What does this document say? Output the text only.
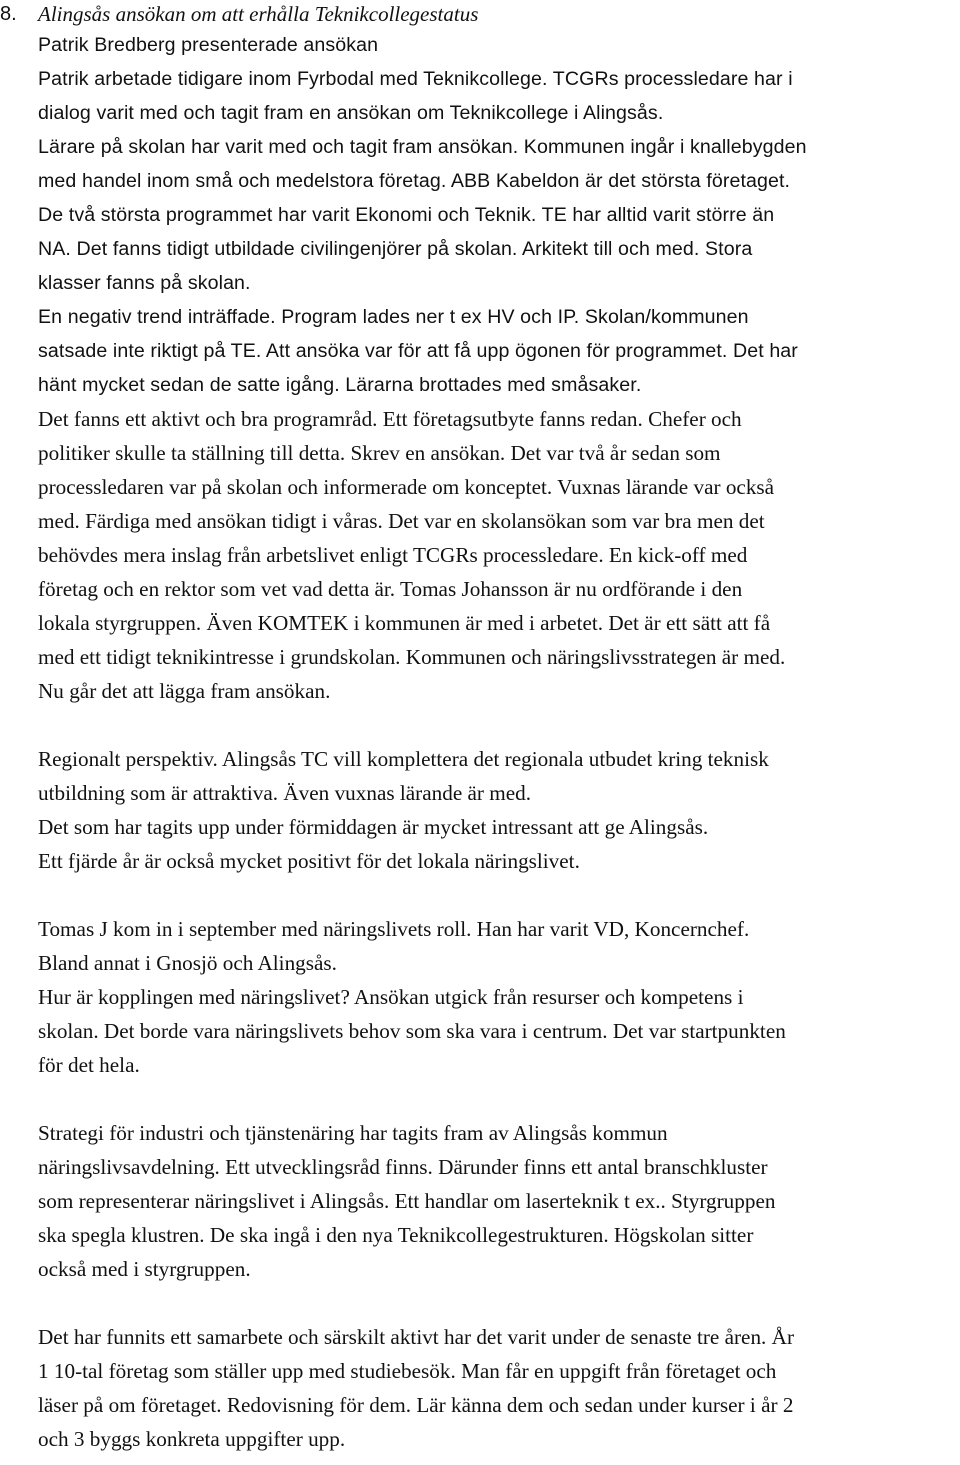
8. Alingsås ansökan om att erhålla Teknikcollegestatus
Patrik Bredberg presenterade ansökan
Patrik arbetade tidigare inom Fyrbodal med Teknikcollege. TCGRs processledare har i
dialog varit med och tagit fram en ansökan om Teknikcollege i Alingsås.
Lärare på skolan har varit med och tagit fram ansökan. Kommunen ingår i knallebygden
med handel inom små och medelstora företag. ABB Kabeldon är det största företaget.
De två största programmet har varit Ekonomi och Teknik. TE har alltid varit större än
NA. Det fanns tidigt utbildade civilingenjörer på skolan. Arkitekt till och med. Stora
klasser fanns på skolan.
En negativ trend inträffade. Program lades ner t ex HV och IP. Skolan/kommunen
satsade inte riktigt på TE. Att ansöka var för att få upp ögonen för programmet. Det har
hänt mycket sedan de satte igång. Lärarna brottades med småsaker.
Det fanns ett aktivt och bra programråd. Ett företagsutbyte fanns redan. Chefer och
politiker skulle ta ställning till detta. Skrev en ansökan. Det var två år sedan som
processledaren var på skolan och informerade om konceptet. Vuxnas lärande var också
med. Färdiga med ansökan tidigt i våras. Det var en skolansökan som var bra men det
behövdes mera inslag från arbetslivet enligt TCGRs processledare. En kick-off med
företag och en rektor som vet vad detta är. Tomas Johansson är nu ordförande i den
lokala styrgruppen. Även KOMTEK i kommunen är med i arbetet. Det är ett sätt att få
med ett tidigt teknikintresse i grundskolan. Kommunen och näringslivsstrategen är med.
Nu går det att lägga fram ansökan.
Regionalt perspektiv. Alingsås TC vill komplettera det regionala utbudet kring teknisk
utbildning som är attraktiva. Även vuxnas lärande är med.
Det som har tagits upp under förmiddagen är mycket intressant att ge Alingsås.
Ett fjärde år är också mycket positivt för det lokala näringslivet.
Tomas J kom in i september med näringslivets roll. Han har varit VD, Koncernchef.
Bland annat i Gnosjö och Alingsås.
Hur är kopplingen med näringslivet? Ansökan utgick från resurser och kompetens i
skolan. Det borde vara näringslivets behov som ska vara i centrum. Det var startpunkten
för det hela.
Strategi för industri och tjänstenäring har tagits fram av Alingsås kommun
näringslivsavdelning. Ett utvecklingsråd finns. Därunder finns ett antal branschkluster
som representerar näringslivet i Alingsås. Ett handlar om laserteknik t ex.. Styrgruppen
ska spegla klustren. De ska ingå i den nya Teknikcollegestrukturen. Högskolan sitter
också med i styrgruppen.
Det har funnits ett samarbete och särskilt aktivt har det varit under de senaste tre åren. År
1 10-tal företag som ställer upp med studiebesök. Man får en uppgift från företaget och
läser på om företaget. Redovisning för dem. Lär känna dem och sedan under kurser i år 2
och 3 byggs konkreta uppgifter upp.
